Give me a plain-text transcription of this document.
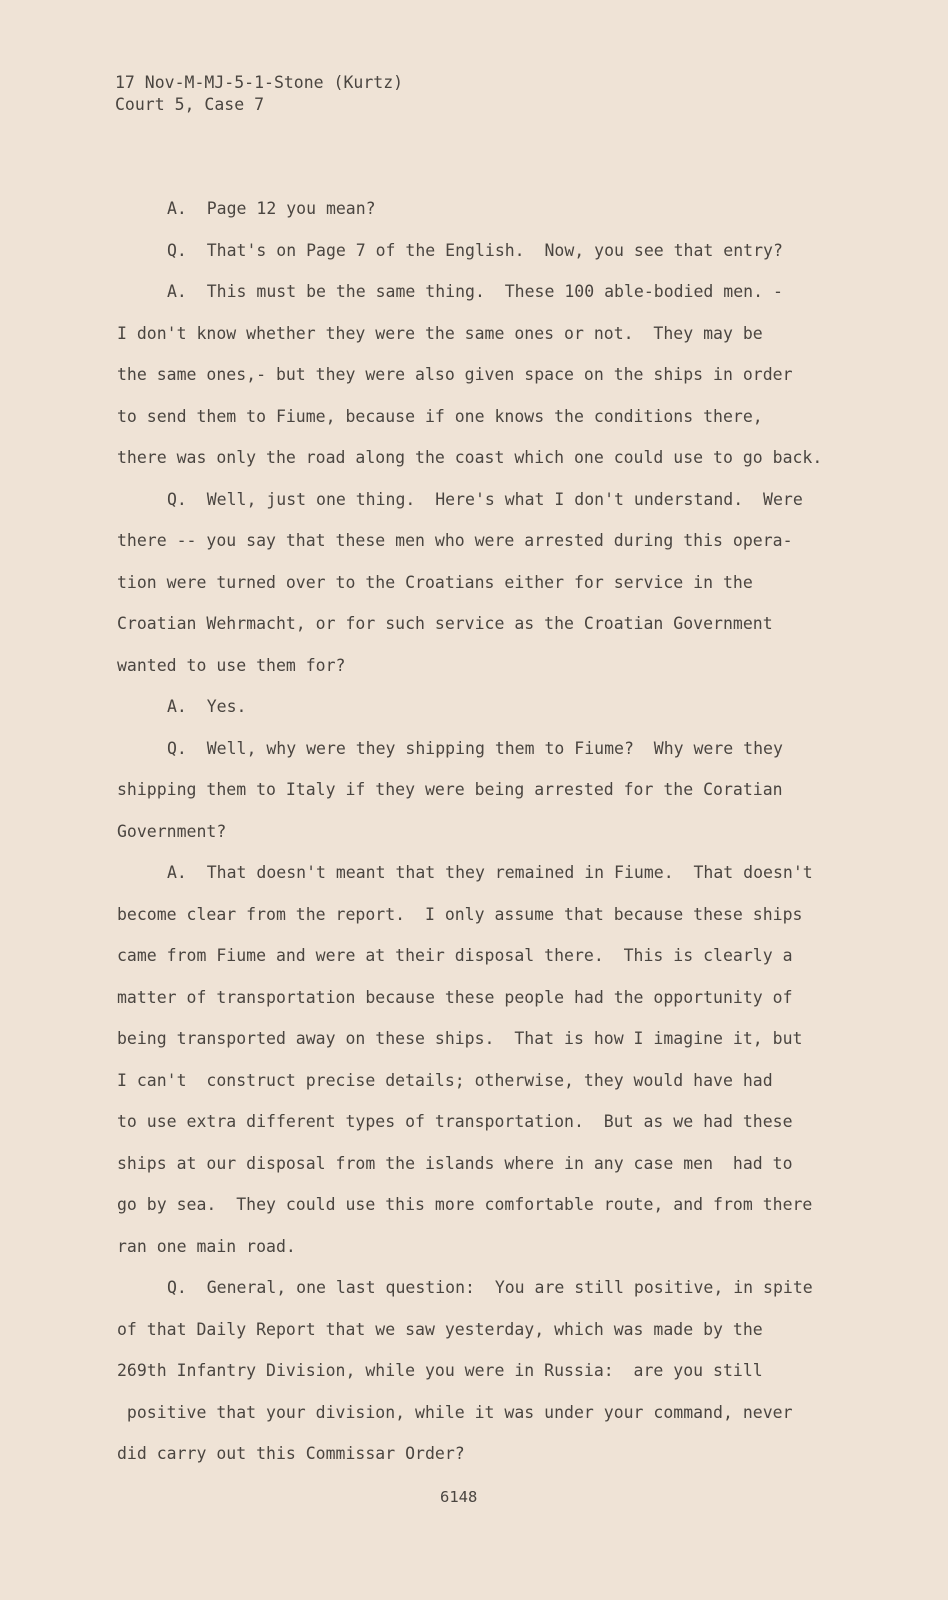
17 Nov-M-MJ-5-1-Stone (Kurtz)
Court 5, Case 7
A.  Page 12 you mean?
Q.  That's on Page 7 of the English.  Now, you see that entry?
A.  This must be the same thing.  These 100 able-bodied men. -
I don't know whether they were the same ones or not.  They may be
the same ones,- but they were also given space on the ships in order
to send them to Fiume, because if one knows the conditions there,
there was only the road along the coast which one could use to go back.
Q.  Well, just one thing.  Here's what I don't understand.  Were
there -- you say that these men who were arrested during this opera-
tion were turned over to the Croatians either for service in the
Croatian Wehrmacht, or for such service as the Croatian Government
wanted to use them for?
A.  Yes.
Q.  Well, why were they shipping them to Fiume?  Why were they
shipping them to Italy if they were being arrested for the Coratian
Government?
A.  That doesn't meant that they remained in Fiume.  That doesn't
become clear from the report.  I only assume that because these ships
came from Fiume and were at their disposal there.  This is clearly a
matter of transportation because these people had the opportunity of
being transported away on these ships.  That is how I imagine it, but
I can't  construct precise details; otherwise, they would have had
to use extra different types of transportation.  But as we had these
ships at our disposal from the islands where in any case men  had to
go by sea.  They could use this more comfortable route, and from there
ran one main road.
Q.  General, one last question:  You are still positive, in spite
of that Daily Report that we saw yesterday, which was made by the
269th Infantry Division, while you were in Russia:  are you still
positive that your division, while it was under your command, never
did carry out this Commissar Order?
6148
